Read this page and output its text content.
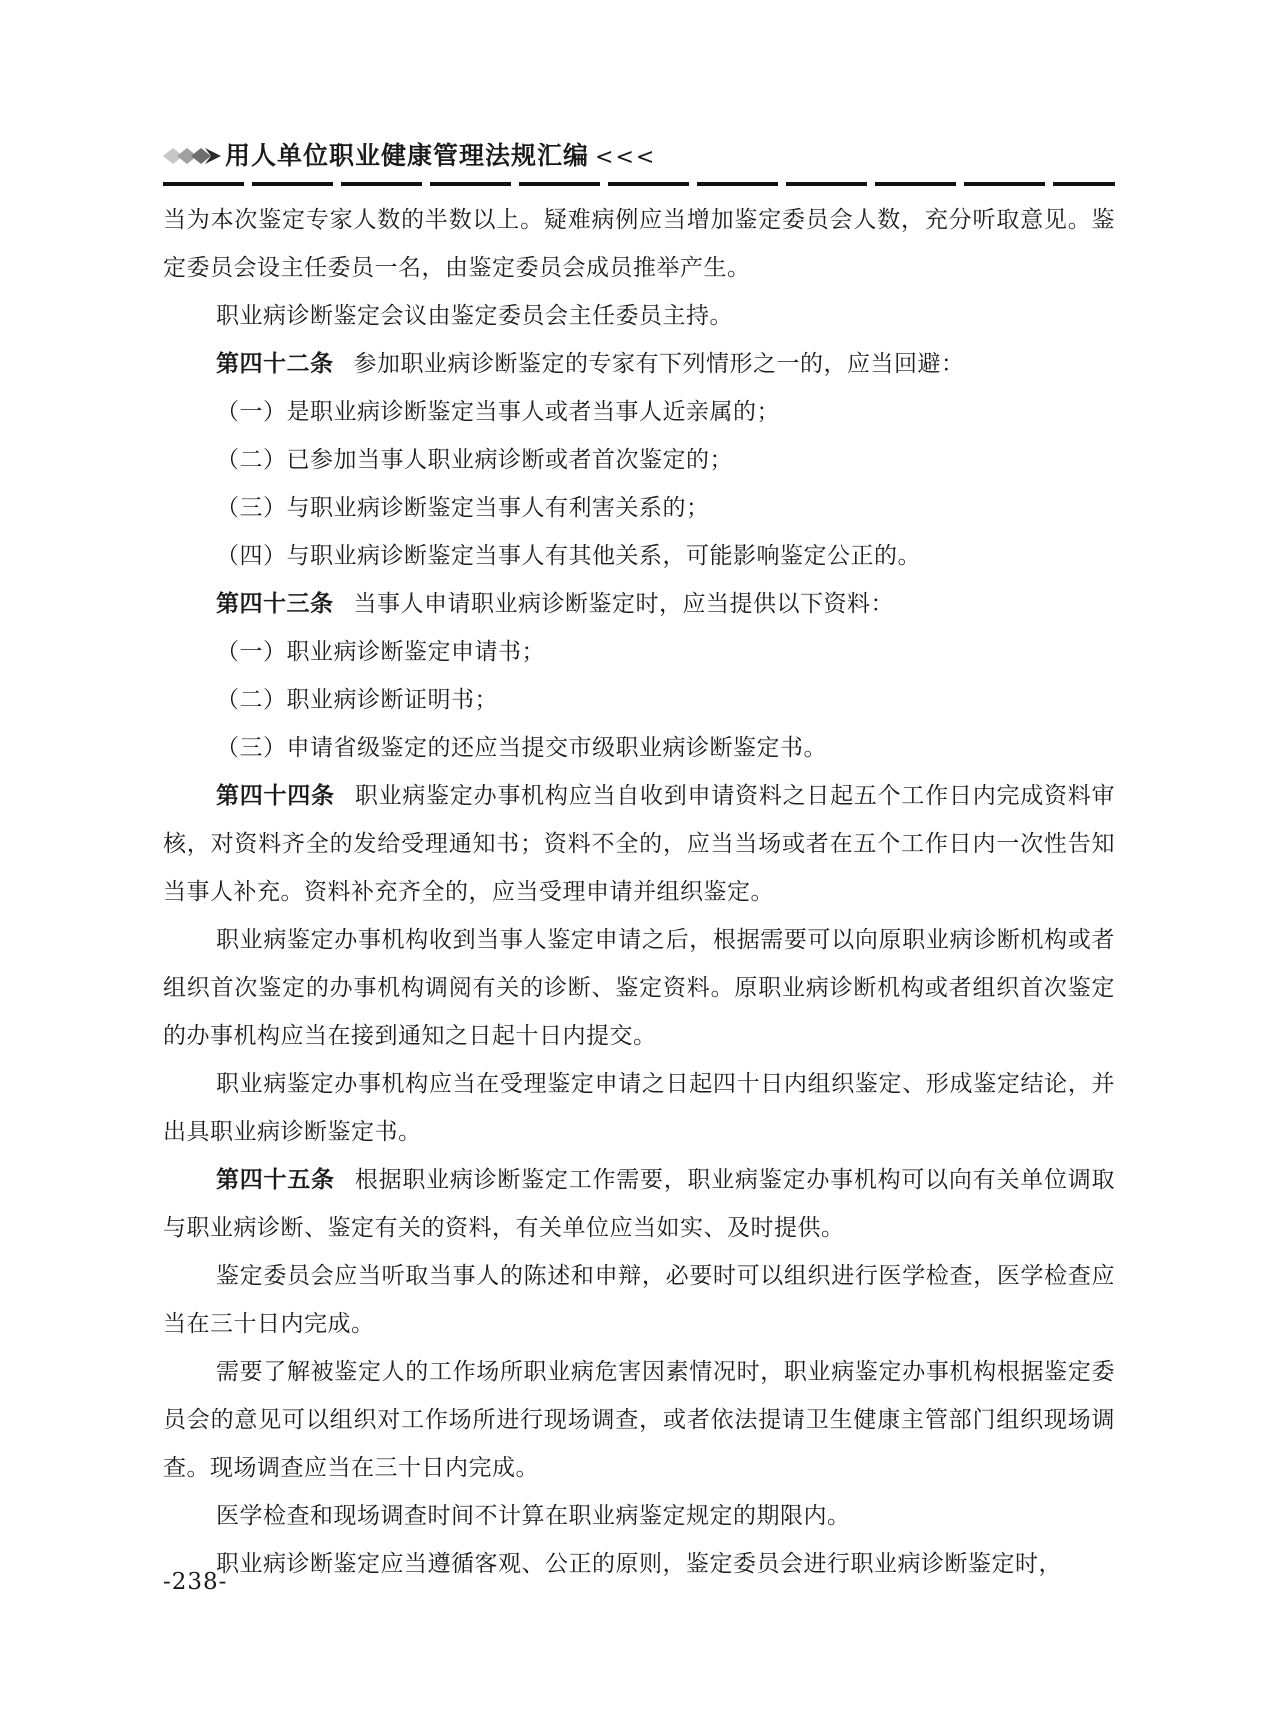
用人单位职业健康管理法规汇编 <<<

当为本次鉴定专家人数的半数以上。疑难病例应当增加鉴定委员会人数，充分听取意见。鉴定委员会设主任委员一名，由鉴定委员会成员推举产生。

职业病诊断鉴定会议由鉴定委员会主任委员主持。

第四十二条 参加职业病诊断鉴定的专家有下列情形之一的，应当回避：

（一）是职业病诊断鉴定当事人或者当事人近亲属的；

（二）已参加当事人职业病诊断或者首次鉴定的；

（三）与职业病诊断鉴定当事人有利害关系的；

（四）与职业病诊断鉴定当事人有其他关系，可能影响鉴定公正的。

第四十三条 当事人申请职业病诊断鉴定时，应当提供以下资料：

（一）职业病诊断鉴定申请书；

（二）职业病诊断证明书；

（三）申请省级鉴定的还应当提交市级职业病诊断鉴定书。

第四十四条 职业病鉴定办事机构应当自收到申请资料之日起五个工作日内完成资料审核，对资料齐全的发给受理通知书；资料不全的，应当当场或者在五个工作日内一次性告知当事人补充。资料补充齐全的，应当受理申请并组织鉴定。

职业病鉴定办事机构收到当事人鉴定申请之后，根据需要可以向原职业病诊断机构或者组织首次鉴定的办事机构调阅有关的诊断、鉴定资料。原职业病诊断机构或者组织首次鉴定的办事机构应当在接到通知之日起十日内提交。

职业病鉴定办事机构应当在受理鉴定申请之日起四十日内组织鉴定、形成鉴定结论，并出具职业病诊断鉴定书。

第四十五条 根据职业病诊断鉴定工作需要，职业病鉴定办事机构可以向有关单位调取与职业病诊断、鉴定有关的资料，有关单位应当如实、及时提供。

鉴定委员会应当听取当事人的陈述和申辩，必要时可以组织进行医学检查，医学检查应当在三十日内完成。

需要了解被鉴定人的工作场所职业病危害因素情况时，职业病鉴定办事机构根据鉴定委员会的意见可以组织对工作场所进行现场调查，或者依法提请卫生健康主管部门组织现场调查。现场调查应当在三十日内完成。

医学检查和现场调查时间不计算在职业病鉴定规定的期限内。

职业病诊断鉴定应当遵循客观、公正的原则，鉴定委员会进行职业病诊断鉴定时，

-238-
